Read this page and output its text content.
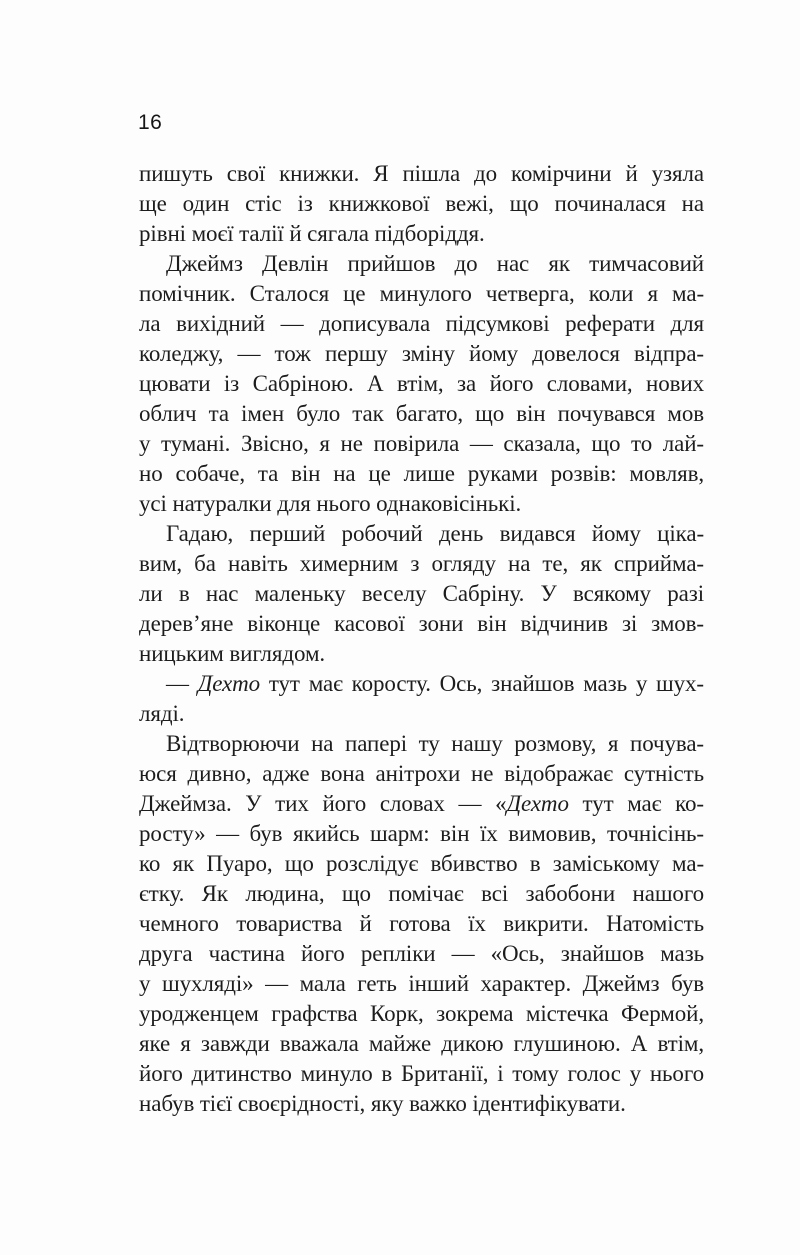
16
пишуть свої книжки. Я пішла до комірчини й узяла
ще один стіс із книжкової вежі, що починалася на
рівні моєї талії й сягала підборіддя.
Джеймз Девлін прийшов до нас як тимчасовий
помічник. Сталося це минулого четверга, коли я ма-
ла вихідний — дописувала підсумкові реферати для
коледжу, — тож першу зміну йому довелося відпра-
цювати із Сабріною. А втім, за його словами, нових
облич та імен було так багато, що він почувався мов
у тумані. Звісно, я не повірила — сказала, що то лай-
но собаче, та він на це лише руками розвів: мовляв,
усі натуралки для нього однаковісінькі.
Гадаю, перший робочий день видався йому ціка-
вим, ба навіть химерним з огляду на те, як сприйма-
ли в нас маленьку веселу Сабріну. У всякому разі
дерев’яне віконце касової зони він відчинив зі змов-
ницьким виглядом.
— Дехто тут має коросту. Ось, знайшов мазь у шух-
ляді.
Відтворюючи на папері ту нашу розмову, я почува-
юся дивно, адже вона анітрохи не відображає сутність
Джеймза. У тих його словах — «Дехто тут має ко-
росту» — був якийсь шарм: він їх вимовив, точнісінь-
ко як Пуаро, що розслідує вбивство в заміському ма-
єтку. Як людина, що помічає всі забобони нашого
чемного товариства й готова їх викрити. Натомість
друга частина його репліки — «Ось, знайшов мазь
у шухляді» — мала геть інший характер. Джеймз був
уродженцем графства Корк, зокрема містечка Фермой,
яке я завжди вважала майже дикою глушиною. А втім,
його дитинство минуло в Британії, і тому голос у нього
набув тієї своєрідності, яку важко ідентифікувати.
